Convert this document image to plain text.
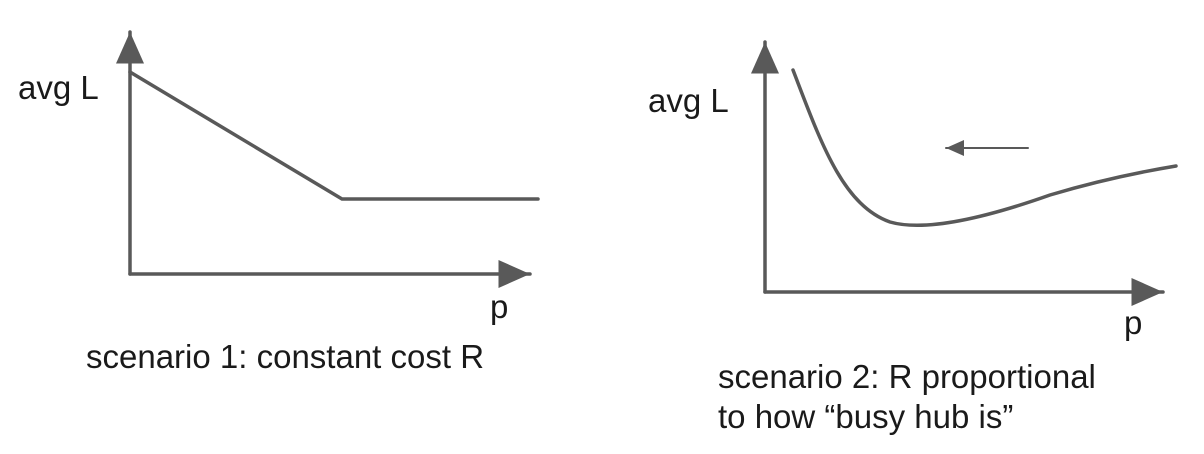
avg L
p
scenario 1: constant cost R
avg L
p
scenario 2: R proportional
to how “busy hub is”
